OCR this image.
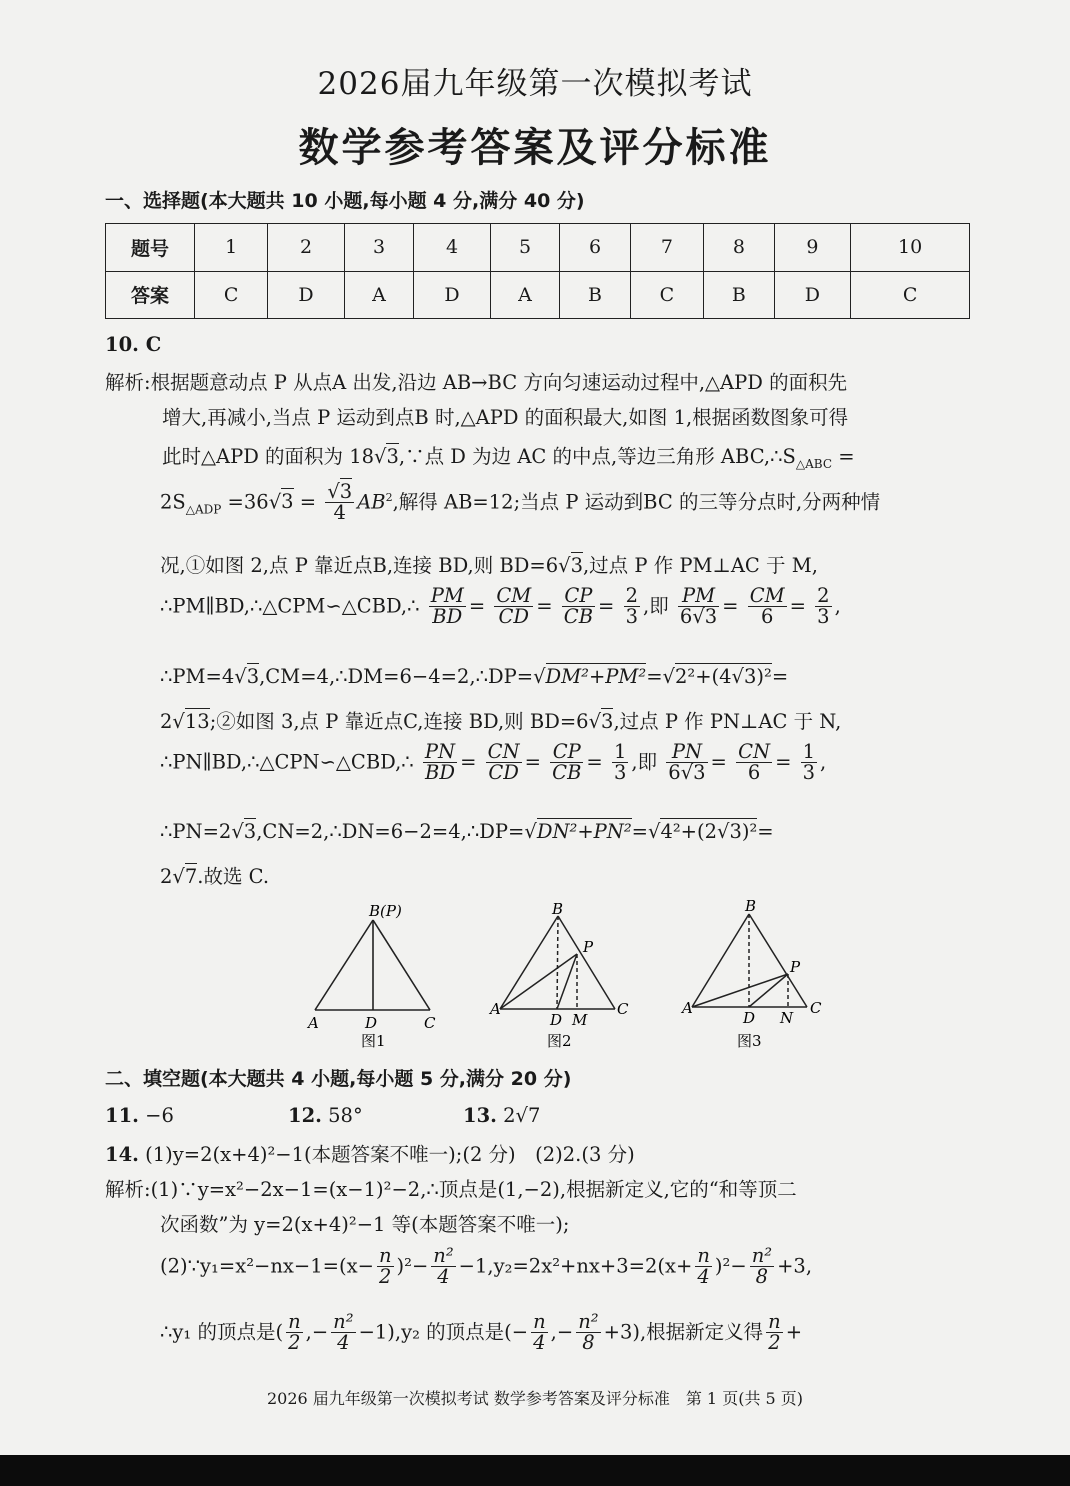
2026届九年级第一次模拟考试
数学参考答案及评分标准
一、选择题(本大题共 10 小题,每小题 4 分,满分 40 分)
题号	1	2	3	4	5	6	7	8	9	10
答案	C	D	A	D	A	B	C	B	D	C
10. C
解析:根据题意动点 P 从点A 出发,沿边 AB→BC 方向匀速运动过程中,△APD 的面积先
增大,再减小,当点 P 运动到点B 时,△APD 的面积最大,如图 1,根据函数图象可得
此时△APD 的面积为 18√3,∵点 D 为边 AC 的中点,等边三角形 $ABC,\therefore S_{\triangle ABC}$ =
$2S_{\triangle ADP} =36√3 = \frac{√3}{4} AB^2$,解得 AB=12;当点 P 运动到BC 的三等分点时,分两种情
况,①如图 2,点 P 靠近点B,连接 BD,则 BD=6√3,过点 P 作 PM⊥AC 于 M,
∴PM∥BD,∴△CPM∽△CBD,∴ $\frac{PM}{BD} = \frac{CM}{CD} = \frac{CP}{CB} = \frac{2}{3}$ ,即 $\frac{PM}{6√3} = \frac{CM}{6} = \frac{2}{3}$ ,
∴PM=4√3,CM=4,∴DM=6−4=2,∴DP=√DM²+PM²=√2²+(4√3)²=
2√13;②如图 3,点 P 靠近点C,连接 BD,则 BD=6√3,过点 P 作 PN⊥AC 于 N,
∴PN∥BD,∴△CPN∽△CBD,∴ $\frac{PN}{BD} = \frac{CN}{CD} = \frac{CP}{CB} = \frac{1}{3}$ ,即 $\frac{PN}{6√3} = \frac{CN}{6} = \frac{1}{3}$ ,
∴PN=2√3,CN=2,∴DN=6−2=4,∴DP=√DN²+PN²=√4²+(2√3)²=
2√7.故选 C.
B(P)
A	D	C
图1
B
P
A
D M
C
图2
B
P
A
D N
C
图3
二、填空题(本大题共 4 小题,每小题 5 分,满分 20 分)
11. −6	12. 58°	13. 2√7
14. (1)y=2(x+4)²−1(本题答案不唯一);(2 分)　(2)2.(3 分)
解析:(1)∵y=x²−2x−1=(x−1)²−2,∴顶点是(1,−2),根据新定义,它的“和等顶二
次函数”为 y=2(x+4)²−1 等(本题答案不唯一);
(2)∵y₁=x²−nx−1=(x− $\frac{n}{2} )^2- \frac{\text{n²}}{4} -1,y_2=2x^2+nx+3=2(x+ \frac{n}{4} )^2- \frac{\text{n²}}{8} +3$,
∴y₁ 的顶点是( $\frac{n}{2}$ ,− $\frac{\text{n²}}{4} -1),y_2$ 的顶点是(− $\frac{n}{4}$ ,− $\frac{\text{n²}}{8} +3$),根据新定义得 $\frac{n}{2}$ +
2026 届九年级第一次模拟考试 数学参考答案及评分标准　第 1 页(共 5 页)
